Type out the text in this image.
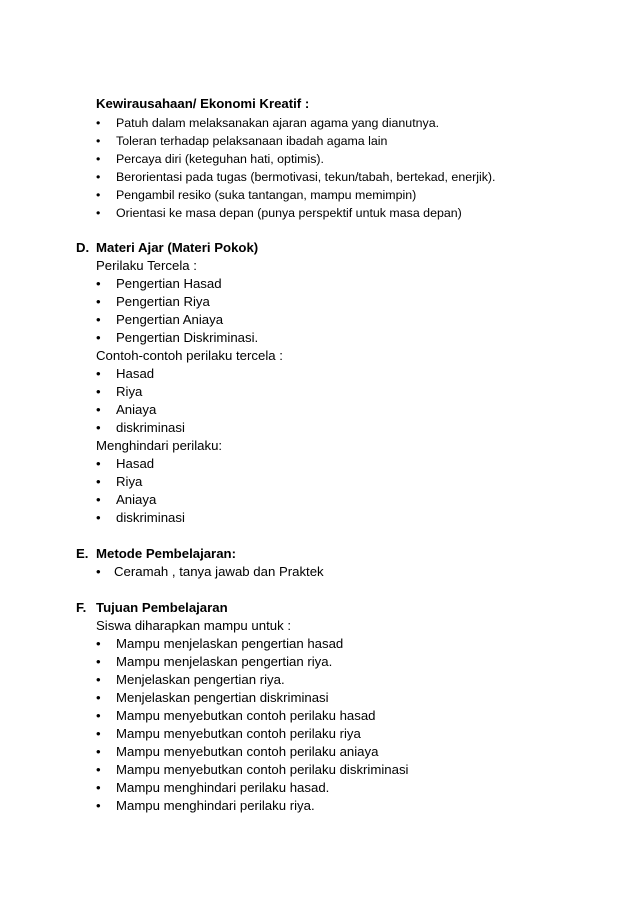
Kewirausahaan/ Ekonomi Kreatif :
• Patuh dalam melaksanakan ajaran agama yang dianutnya.
• Toleran terhadap pelaksanaan ibadah agama lain
• Percaya diri (keteguhan hati, optimis).
• Berorientasi pada tugas (bermotivasi, tekun/tabah, bertekad, enerjik).
• Pengambil resiko (suka tantangan, mampu memimpin)
• Orientasi ke masa depan (punya perspektif untuk masa depan)
D. Materi Ajar (Materi Pokok)
Perilaku Tercela :
• Pengertian Hasad
• Pengertian Riya
• Pengertian Aniaya
• Pengertian Diskriminasi.
Contoh-contoh perilaku tercela :
• Hasad
• Riya
• Aniaya
• diskriminasi
Menghindari perilaku:
• Hasad
• Riya
• Aniaya
• diskriminasi
E. Metode Pembelajaran:
• Ceramah , tanya jawab dan Praktek
F. Tujuan Pembelajaran
Siswa diharapkan mampu untuk :
• Mampu menjelaskan pengertian hasad
• Mampu menjelaskan pengertian riya.
• Menjelaskan pengertian riya.
• Menjelaskan pengertian diskriminasi
• Mampu menyebutkan contoh perilaku hasad
• Mampu menyebutkan contoh perilaku riya
• Mampu menyebutkan contoh perilaku aniaya
• Mampu menyebutkan contoh perilaku diskriminasi
• Mampu menghindari perilaku hasad.
• Mampu menghindari perilaku riya.
